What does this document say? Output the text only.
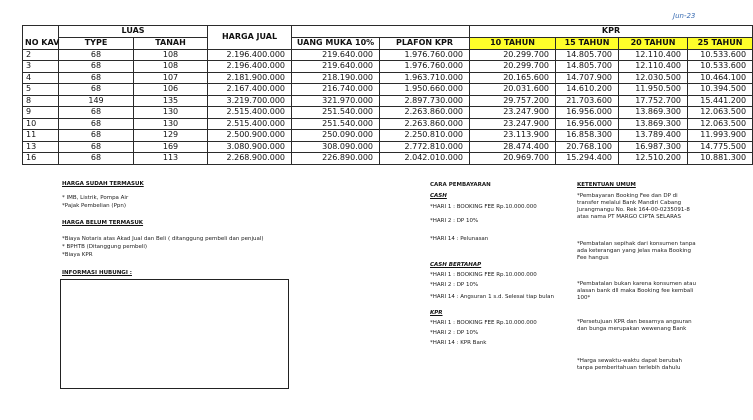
Jun-23
NO KAV	LUAS		HARGA JUAL			KPR			
	TYPE	TANAH		UANG MUKA 10%	PLAFON KPR	10 TAHUN	15 TAHUN	20 TAHUN	25 TAHUN
2	68	108	2.196.400.000	219.640.000	1.976.760.000	20.299.700	14.805.700	12.110.400	10.533.600
3	68	108	2.196.400.000	219.640.000	1.976.760.000	20.299.700	14.805.700	12.110.400	10.533.600
4	68	107	2.181.900.000	218.190.000	1.963.710.000	20.165.600	14.707.900	12.030.500	10.464.100
5	68	106	2.167.400.000	216.740.000	1.950.660.000	20.031.600	14.610.200	11.950.500	10.394.500
8	149	135	3.219.700.000	321.970.000	2.897.730.000	29.757.200	21.703.600	17.752.700	15.441.200
9	68	130	2.515.400.000	251.540.000	2.263.860.000	23.247.900	16.956.000	13.869.300	12.063.500
10	68	130	2.515.400.000	251.540.000	2.263.860.000	23.247.900	16.956.000	13.869.300	12.063.500
11	68	129	2.500.900.000	250.090.000	2.250.810.000	23.113.900	16.858.300	13.789.400	11.993.900
13	68	169	3.080.900.000	308.090.000	2.772.810.000	28.474.400	20.768.100	16.987.300	14.775.500
16	68	113	2.268.900.000	226.890.000	2.042.010.000	20.969.700	15.294.400	12.510.200	10.881.300
HARGA SUDAH TERMASUK
* IMB, Listrik, Pompa Air
*Pajak Pembelian (Ppn)
HARGA BELUM TERMASUK
*Biaya Notaris atas Akad Jual dan Beli ( ditanggung pembeli dan penjual)
* BPHTB (Ditanggung pembeli)
*Biaya KPR
INFORMASI HUBUNGI :
CARA PEMBAYARAN
CASH
*HARI 1 : BOOKING FEE Rp.10.000.000
*HARI 2 : DP 10%
*HARI 14 : Pelunasan
CASH BERTAHAP
*HARI 1 : BOOKING FEE Rp.10.000.000
*HARI 2 : DP 10%
*HARI 14 : Angsuran 1 s.d. Selesai tiap bulan
KPR
*HARI 1 : BOOKING FEE Rp.10.000.000
*HARI 2 : DP 10%
*HARI 14 : KPR Bank
KETENTUAN UMUM
*Pembayaran Booking Fee dan DP di
transfer melalui Bank Mandiri Cabang
Jurangmangu No. Rek 164-00-0235091-8
atas nama PT MARGO CIPTA SELARAS
*Pembatalan sepihak dari konsumen tanpa
ada keterangan yang jelas maka Booking
Fee hangus
*Pembatalan bukan karena konsumen atau
alasan bank dll maka Booking fee kembali
100*
*Persetujuan KPR dan besarnya angsuran
dan bunga merupakan wewenang Bank
*Harga sewaktu-waktu dapat berubah
tanpa pemberitahuan terlebih dahulu
